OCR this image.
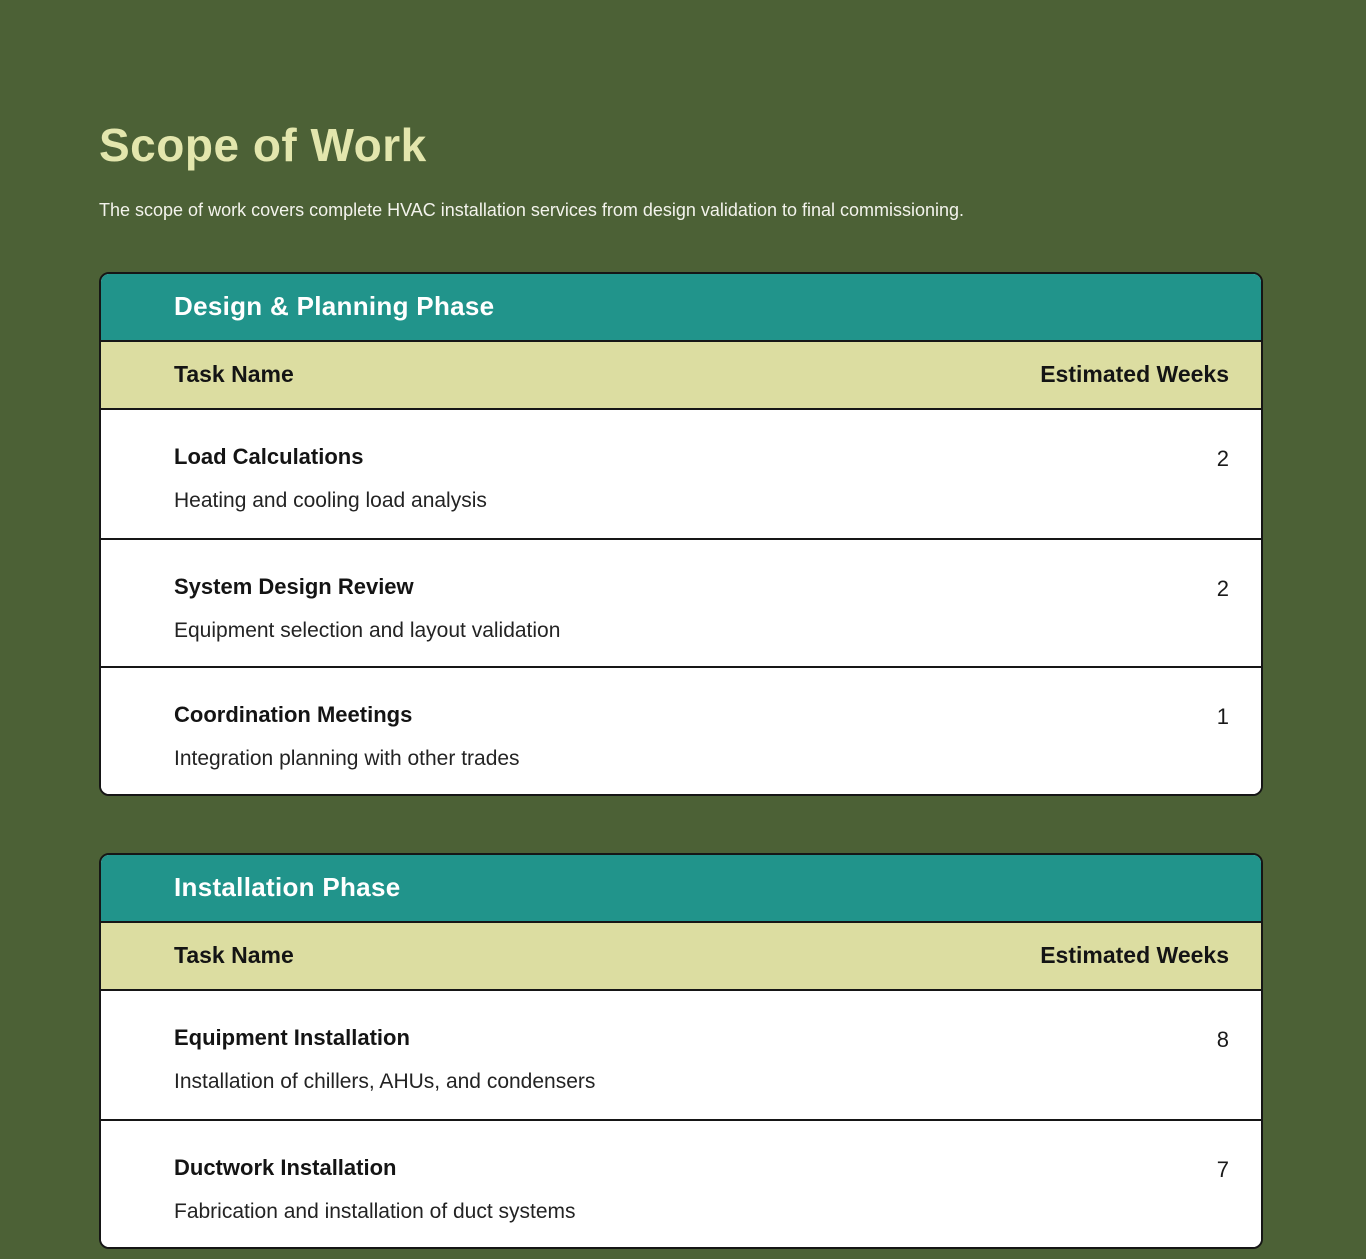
Scope of Work

The scope of work covers complete HVAC installation services from design validation to final commissioning.

Design & Planning Phase
Task Name	Estimated Weeks
Load Calculations
Heating and cooling load analysis
2
System Design Review
Equipment selection and layout validation
2
Coordination Meetings
Integration planning with other trades
1
Installation Phase
Task Name	Estimated Weeks
Equipment Installation
Installation of chillers, AHUs, and condensers
8
Ductwork Installation
Fabrication and installation of duct systems
7
